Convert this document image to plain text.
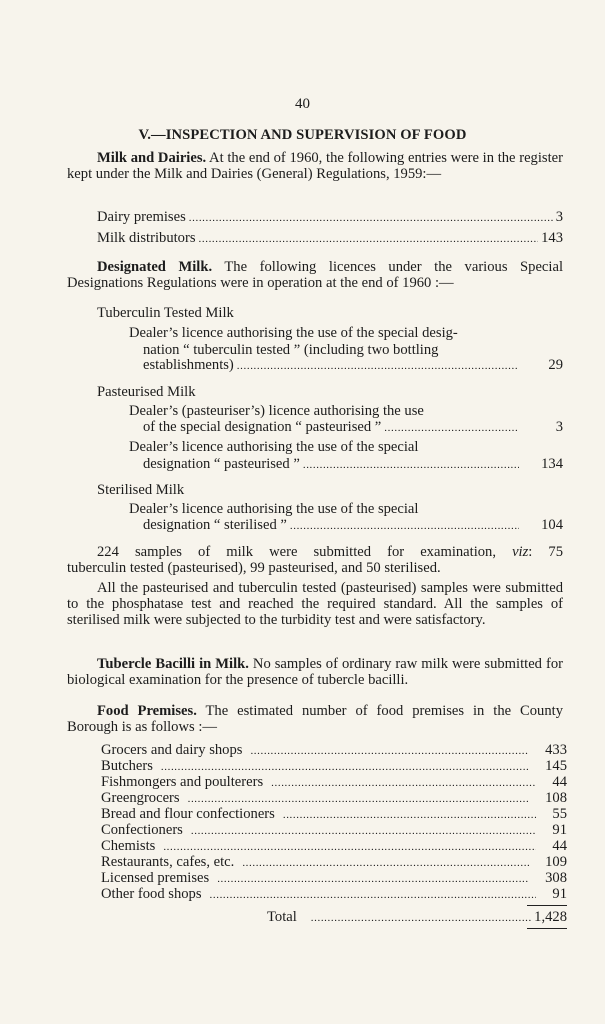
40
V.—INSPECTION AND SUPERVISION OF FOOD
Milk and Dairies. At the end of 1960, the following entries were in the register kept under the Milk and Dairies (General) Regulations, 1959:—
Dairy premises .....	3
Milk distributors .....	143
Designated Milk. The following licences under the various Special Designations Regulations were in operation at the end of 1960 :—
Tuberculin Tested Milk
Dealer’s licence authorising the use of the special desig-
nation “ tuberculin tested ” (including two bottling
establishments) .....	29
Pasteurised Milk
Dealer’s (pasteuriser’s) licence authorising the use
of the special designation “ pasteurised ” .....	3
Dealer’s licence authorising the use of the special
designation “ pasteurised ” .....	134
Sterilised Milk
Dealer’s licence authorising the use of the special
designation “ sterilised ” .....	104
224 samples of milk were submitted for examination, viz: 75
tuberculin tested (pasteurised), 99 pasteurised, and 50 sterilised.
All the pasteurised and tuberculin tested (pasteurised) samples were submitted to the phosphatase test and reached the required standard. All the samples of sterilised milk were subjected to the turbidity test and were satisfactory.
Tubercle Bacilli in Milk. No samples of ordinary raw milk were submitted for biological examination for the presence of tubercle bacilli.
Food Premises. The estimated number of food premises in the County Borough is as follows :—
Grocers and dairy shops .....	433
Butchers .....	145
Fishmongers and poulterers .....	44
Greengrocers .....	108
Bread and flour confectioners .....	55
Confectioners .....	91
Chemists .....	44
Restaurants, cafes, etc. .....	109
Licensed premises .....	308
Other food shops .....	91
Total .....	1,428
